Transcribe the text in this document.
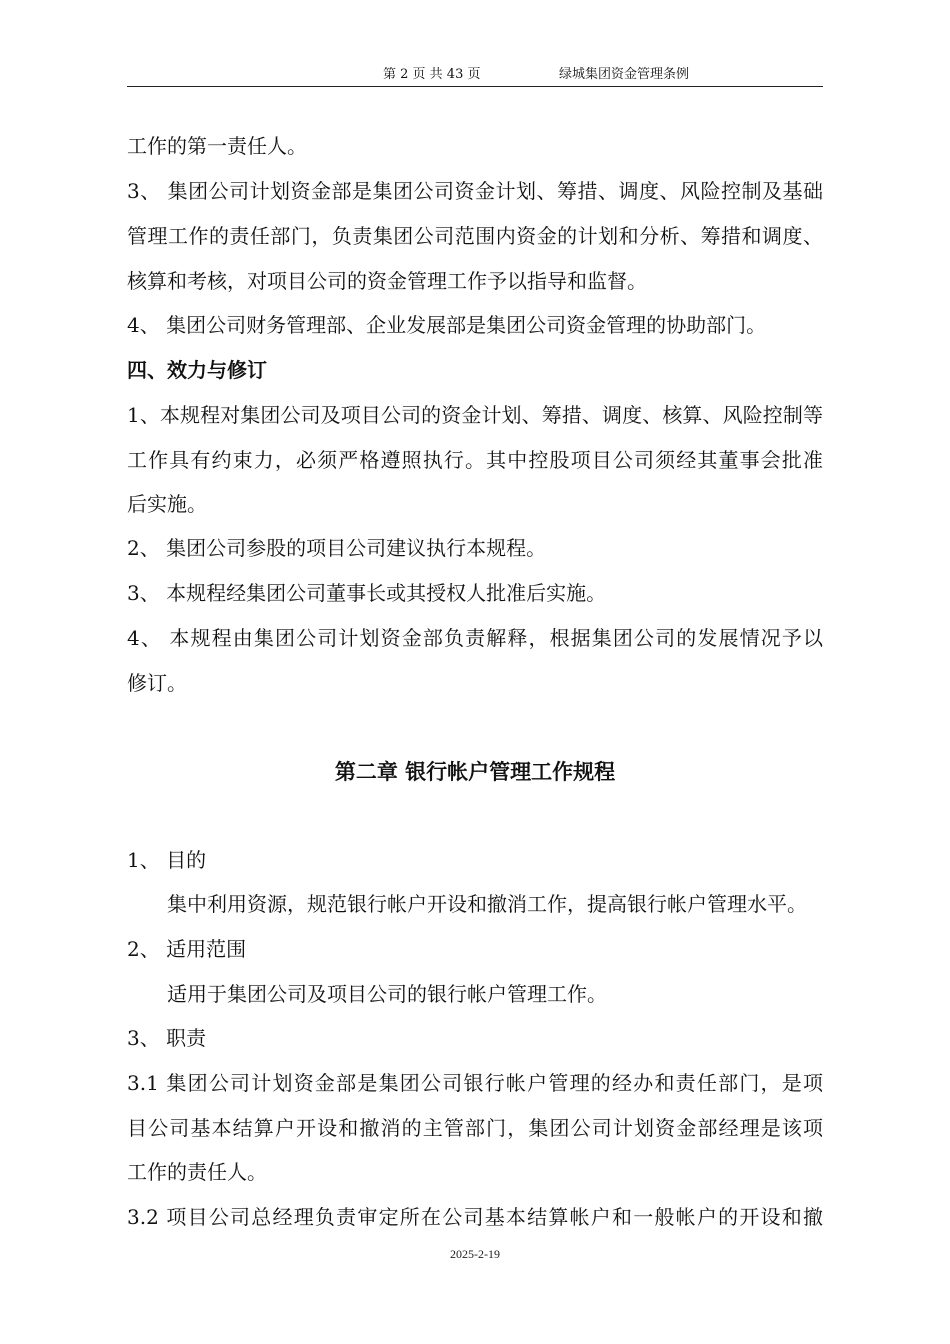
第 2 页 共 43 页	绿城集团资金管理条例
工作的第一责任人。
3、 集团公司计划资金部是集团公司资金计划、筹措、调度、风险控制及基础
管理工作的责任部门，负责集团公司范围内资金的计划和分析、筹措和调度、
核算和考核，对项目公司的资金管理工作予以指导和监督。
4、 集团公司财务管理部、企业发展部是集团公司资金管理的协助部门。
四、效力与修订
1、本规程对集团公司及项目公司的资金计划、筹措、调度、核算、风险控制等
工作具有约束力，必须严格遵照执行。其中控股项目公司须经其董事会批准
后实施。
2、 集团公司参股的项目公司建议执行本规程。
3、 本规程经集团公司董事长或其授权人批准后实施。
4、 本规程由集团公司计划资金部负责解释，根据集团公司的发展情况予以
修订。
第二章 银行帐户管理工作规程
1、 目的
集中利用资源，规范银行帐户开设和撤消工作，提高银行帐户管理水平。
2、 适用范围
适用于集团公司及项目公司的银行帐户管理工作。
3、 职责
3.1 集团公司计划资金部是集团公司银行帐户管理的经办和责任部门，是项
目公司基本结算户开设和撤消的主管部门，集团公司计划资金部经理是该项
工作的责任人。
3.2 项目公司总经理负责审定所在公司基本结算帐户和一般帐户的开设和撤
2025-2-19
